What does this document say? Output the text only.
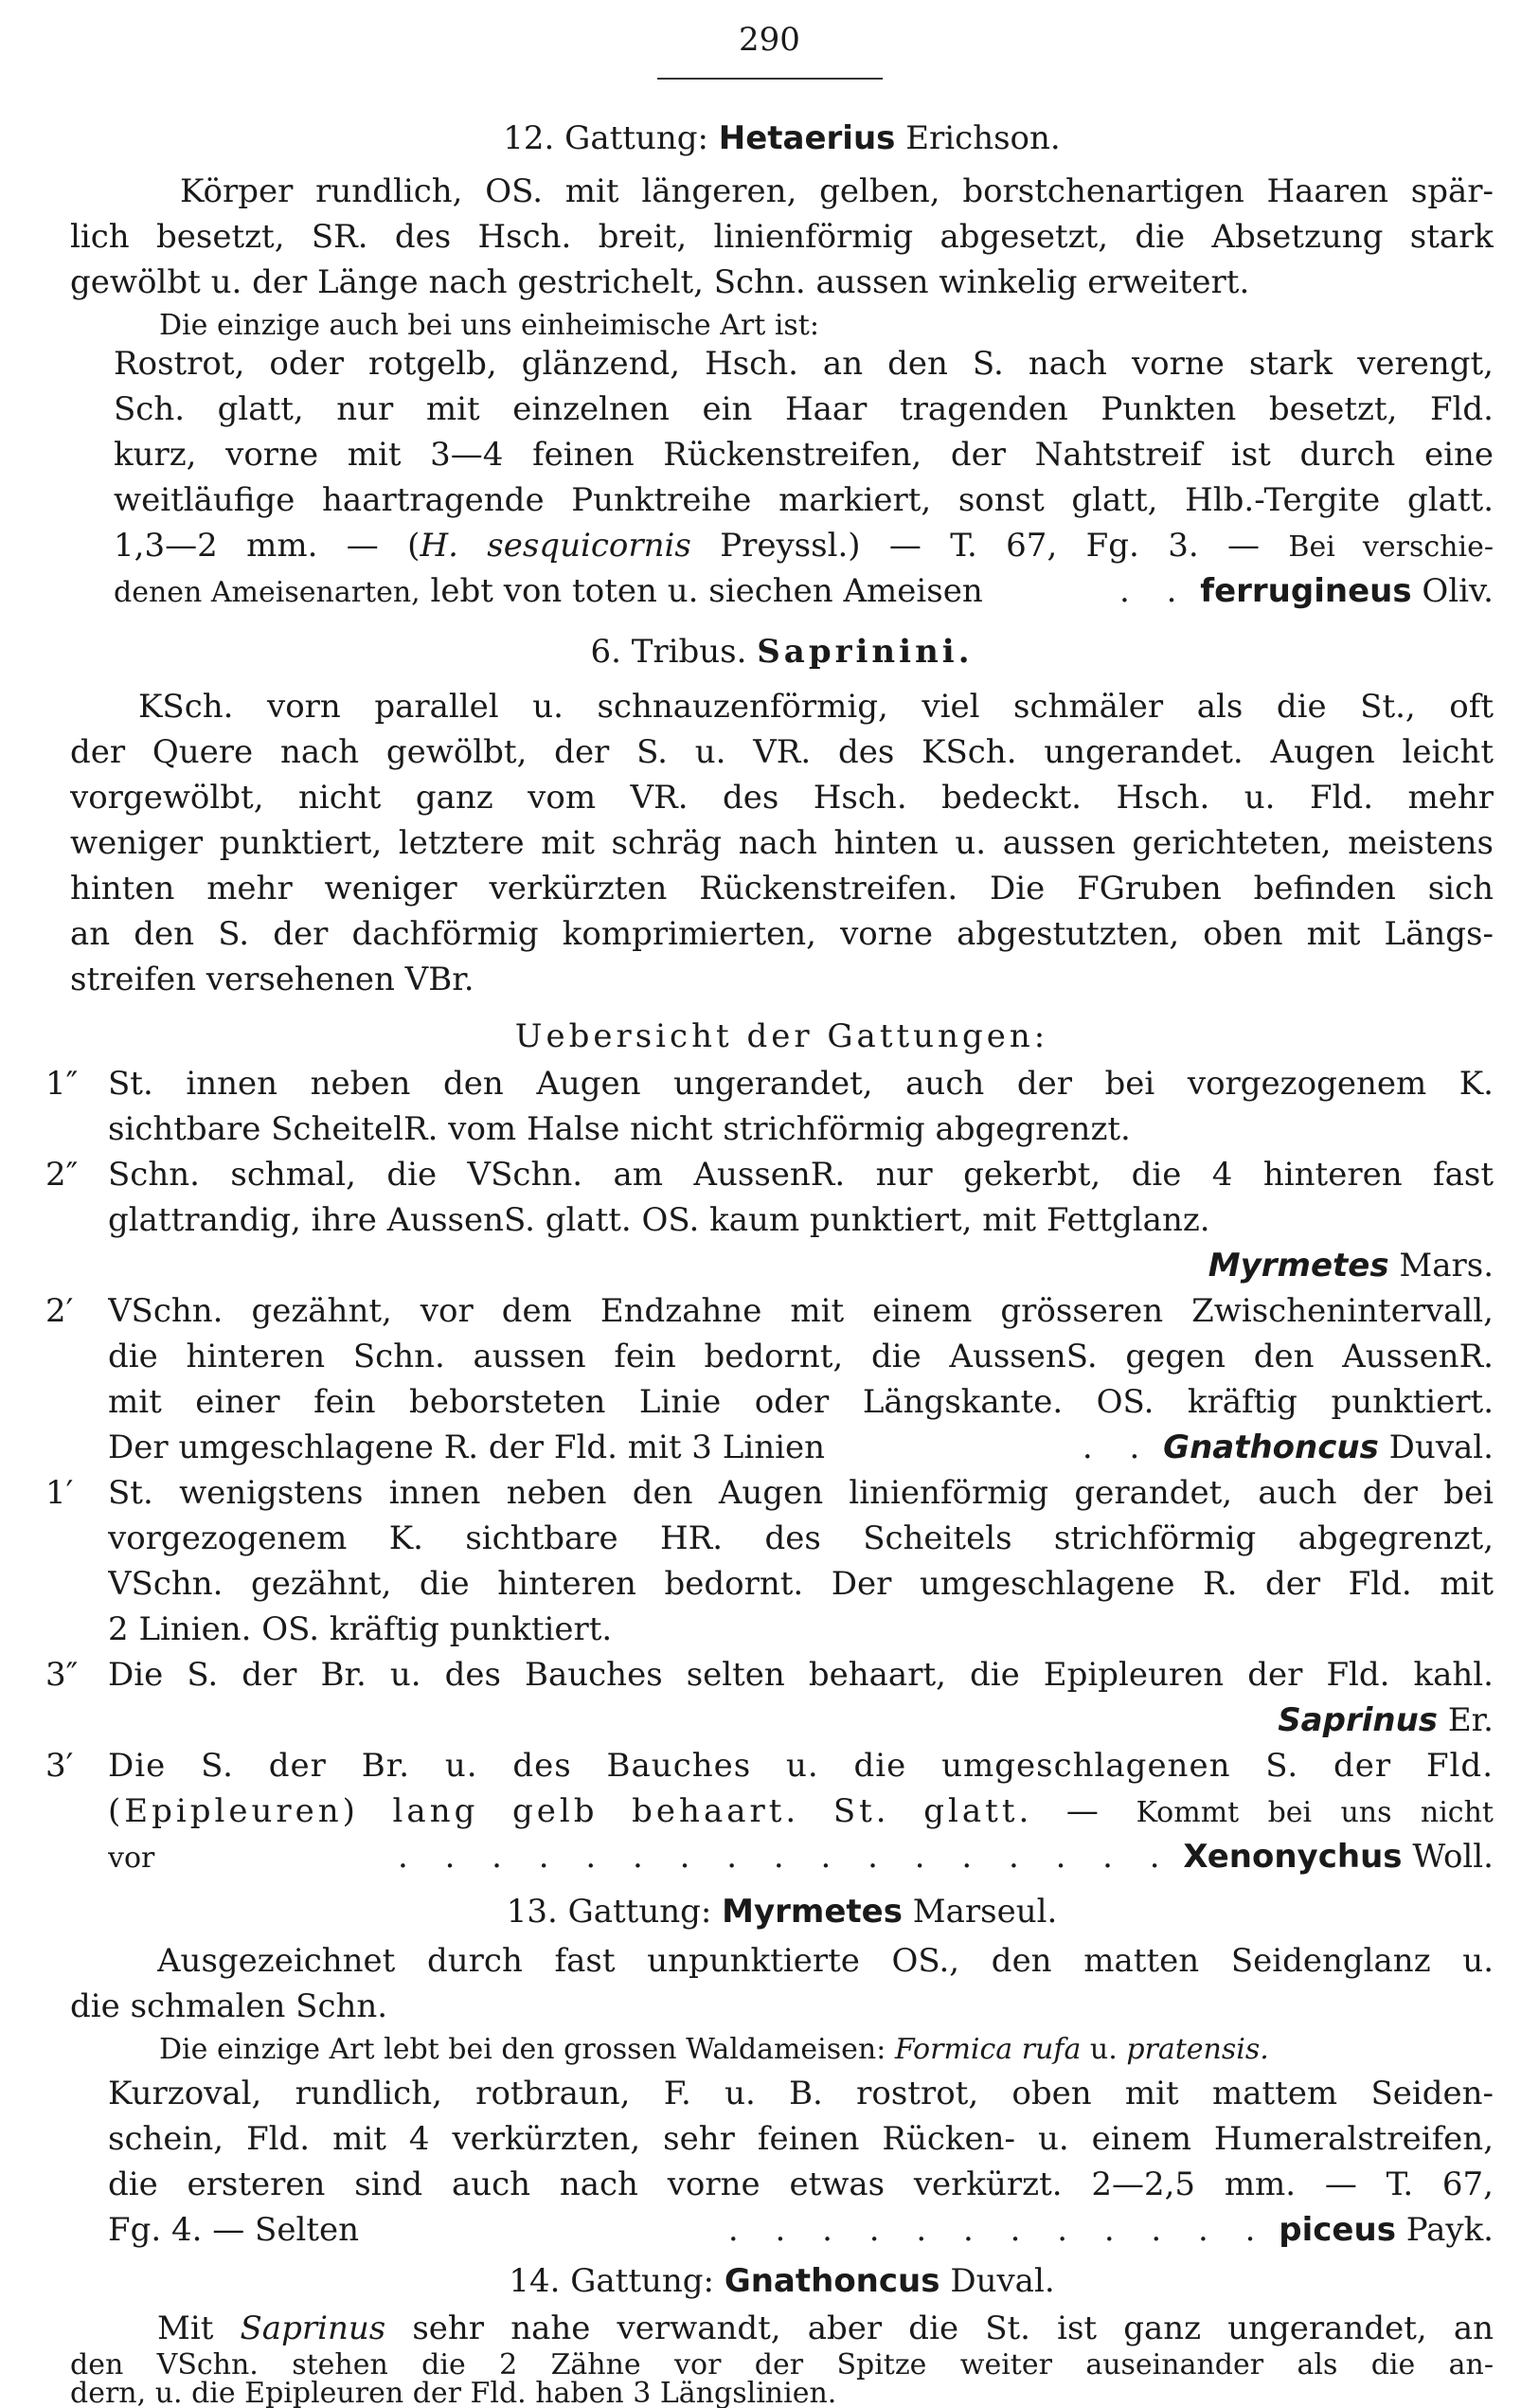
290
12. Gattung: Hetaerius Erichson.
Körper rundlich, OS. mit längeren, gelben, borstchenartigen Haaren spär-
lich besetzt, SR. des Hsch. breit, linienförmig abgesetzt, die Absetzung stark
gewölbt u. der Länge nach gestrichelt, Schn. aussen winkelig erweitert.
Die einzige auch bei uns einheimische Art ist:
Rostrot, oder rotgelb, glänzend, Hsch. an den S. nach vorne stark verengt,
Sch. glatt, nur mit einzelnen ein Haar tragenden Punkten besetzt, Fld.
kurz, vorne mit 3—4 feinen Rückenstreifen, der Nahtstreif ist durch eine
weitläufige haartragende Punktreihe markiert, sonst glatt, Hlb.-Tergite glatt.
1,3—2 mm. — (H. sesquicornis Preyssl.) — T. 67, Fg. 3. — Bei verschie-
denen Ameisenarten, lebt von toten u. siechen Ameisen	. . ferrugineus Oliv.
6. Tribus. Saprinini.
KSch. vorn parallel u. schnauzenförmig, viel schmäler als die St., oft
der Quere nach gewölbt, der S. u. VR. des KSch. ungerandet. Augen leicht
vorgewölbt, nicht ganz vom VR. des Hsch. bedeckt. Hsch. u. Fld. mehr
weniger punktiert, letztere mit schräg nach hinten u. aussen gerichteten, meistens
hinten mehr weniger verkürzten Rückenstreifen. Die FGruben befinden sich
an den S. der dachförmig komprimierten, vorne abgestutzten, oben mit Längs-
streifen versehenen VBr.
Uebersicht der Gattungen:
1″ St. innen neben den Augen ungerandet, auch der bei vorgezogenem K.
sichtbare ScheitelR. vom Halse nicht strichförmig abgegrenzt.
2″ Schn. schmal, die VSchn. am AussenR. nur gekerbt, die 4 hinteren fast
glattrandig, ihre AussenS. glatt. OS. kaum punktiert, mit Fettglanz.
Myrmetes Mars.
2′	VSchn. gezähnt, vor dem Endzahne mit einem grösseren Zwischenintervall,
die hinteren Schn. aussen fein bedornt, die AussenS. gegen den AussenR.
mit einer fein beborsteten Linie oder Längskante. OS. kräftig punktiert.
Der umgeschlagene R. der Fld. mit 3 Linien	. . Gnathoncus Duval.
1′	St. wenigstens innen neben den Augen linienförmig gerandet, auch der bei
vorgezogenem K. sichtbare HR. des Scheitels strichförmig abgegrenzt,
VSchn. gezähnt, die hinteren bedornt. Der umgeschlagene R. der Fld. mit
2 Linien. OS. kräftig punktiert.
3″ Die S. der Br. u. des Bauches selten behaart, die Epipleuren der Fld. kahl.
Saprinus Er.
3′	Die S. der Br. u. des Bauches u. die umgeschlagenen S. der Fld.
(Epipleuren) lang gelb behaart. St. glatt. — Kommt bei uns nicht
vor	. . . . . . . . . . . . . . . . . Xenonychus Woll.
13. Gattung: Myrmetes Marseul.
Ausgezeichnet durch fast unpunktierte OS., den matten Seidenglanz u.
die schmalen Schn.
Die einzige Art lebt bei den grossen Waldameisen: Formica rufa u. pratensis.
Kurzoval, rundlich, rotbraun, F. u. B. rostrot, oben mit mattem Seiden-
schein, Fld. mit 4 verkürzten, sehr feinen Rücken- u. einem Humeralstreifen,
die ersteren sind auch nach vorne etwas verkürzt. 2—2,5 mm. — T. 67,
Fg. 4. — Selten	. . . . . . . . . . . . piceus Payk.
14. Gattung: Gnathoncus Duval.
Mit Saprinus sehr nahe verwandt, aber die St. ist ganz ungerandet, an
den VSchn. stehen die 2 Zähne vor der Spitze weiter auseinander als die an-
dern, u. die Epipleuren der Fld. haben 3 Längslinien.
